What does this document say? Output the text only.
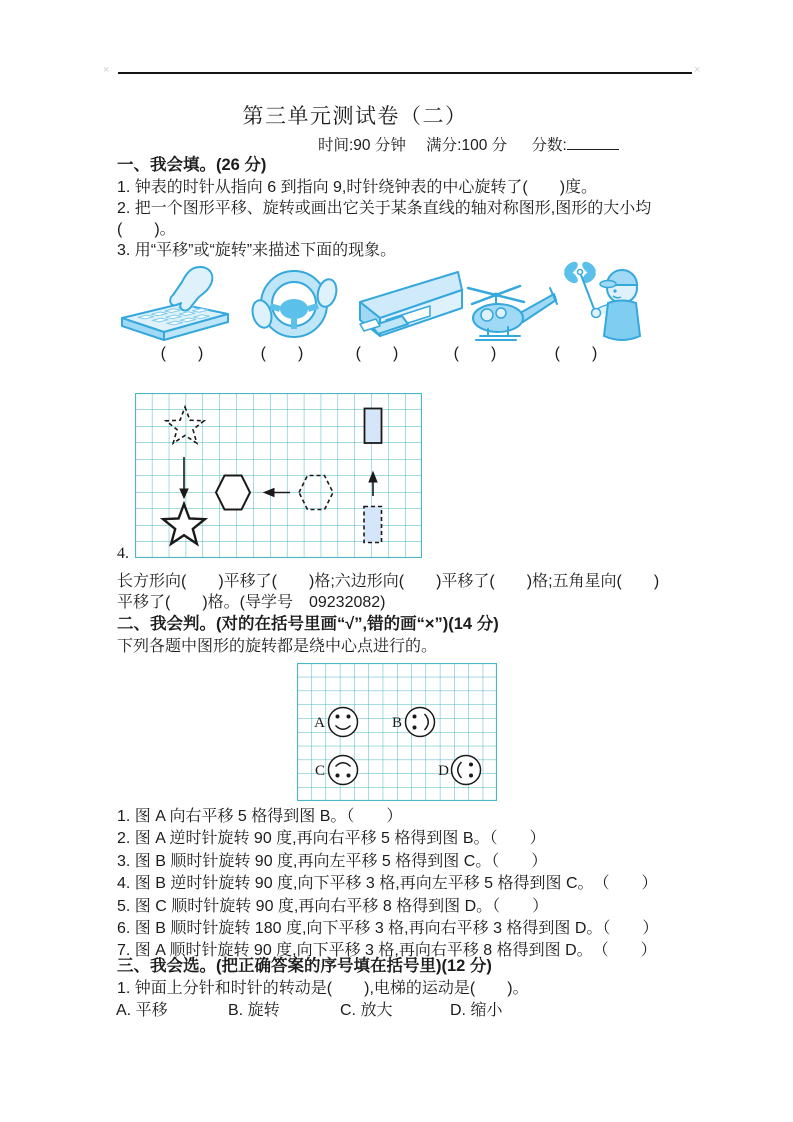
×	×
第三单元测试卷（二）
时间:90 分钟 满分:100 分 分数:
一、我会填。(26 分)
1. 钟表的时针从指向 6 到指向 9,时针绕钟表的中心旋转了(　　)度。
2. 把一个图形平移、旋转或画出它关于某条直线的轴对称图形,图形的大小均
(　　)。
3. 用“平移”或“旋转”来描述下面的现象。
(　　)	(　　)	(　　)	(　　)	(　　)
4.
长方形向(　　)平移了(　　)格;六边形向(　　)平移了(　　)格;五角星向(　　)
平移了(　　)格。(导学号　09232082)
二、我会判。(对的在括号里画“√”,错的画“×”)(14 分)
下列各题中图形的旋转都是绕中心点进行的。
A	B
C	D
1. 图 A 向右平移 5 格得到图 B。（　　）
2. 图 A 逆时针旋转 90 度,再向右平移 5 格得到图 B。（　　）
3. 图 B 顺时针旋转 90 度,再向左平移 5 格得到图 C。（　　）
4. 图 B 逆时针旋转 90 度,向下平移 3 格,再向左平移 5 格得到图 C。　（　　）
5. 图 C 顺时针旋转 90 度,再向右平移 8 格得到图 D。（　　）
6. 图 B 顺时针旋转 180 度,向下平移 3 格,再向右平移 3 格得到图 D。（　　）
7. 图 A 顺时针旋转 90 度,向下平移 3 格,再向右平移 8 格得到图 D。　（　　）
三、我会选。(把正确答案的序号填在括号里)(12 分)
1. 钟面上分针和时针的转动是(　　),电梯的运动是(　　)。
A. 平移	B. 旋转	C. 放大	D. 缩小
